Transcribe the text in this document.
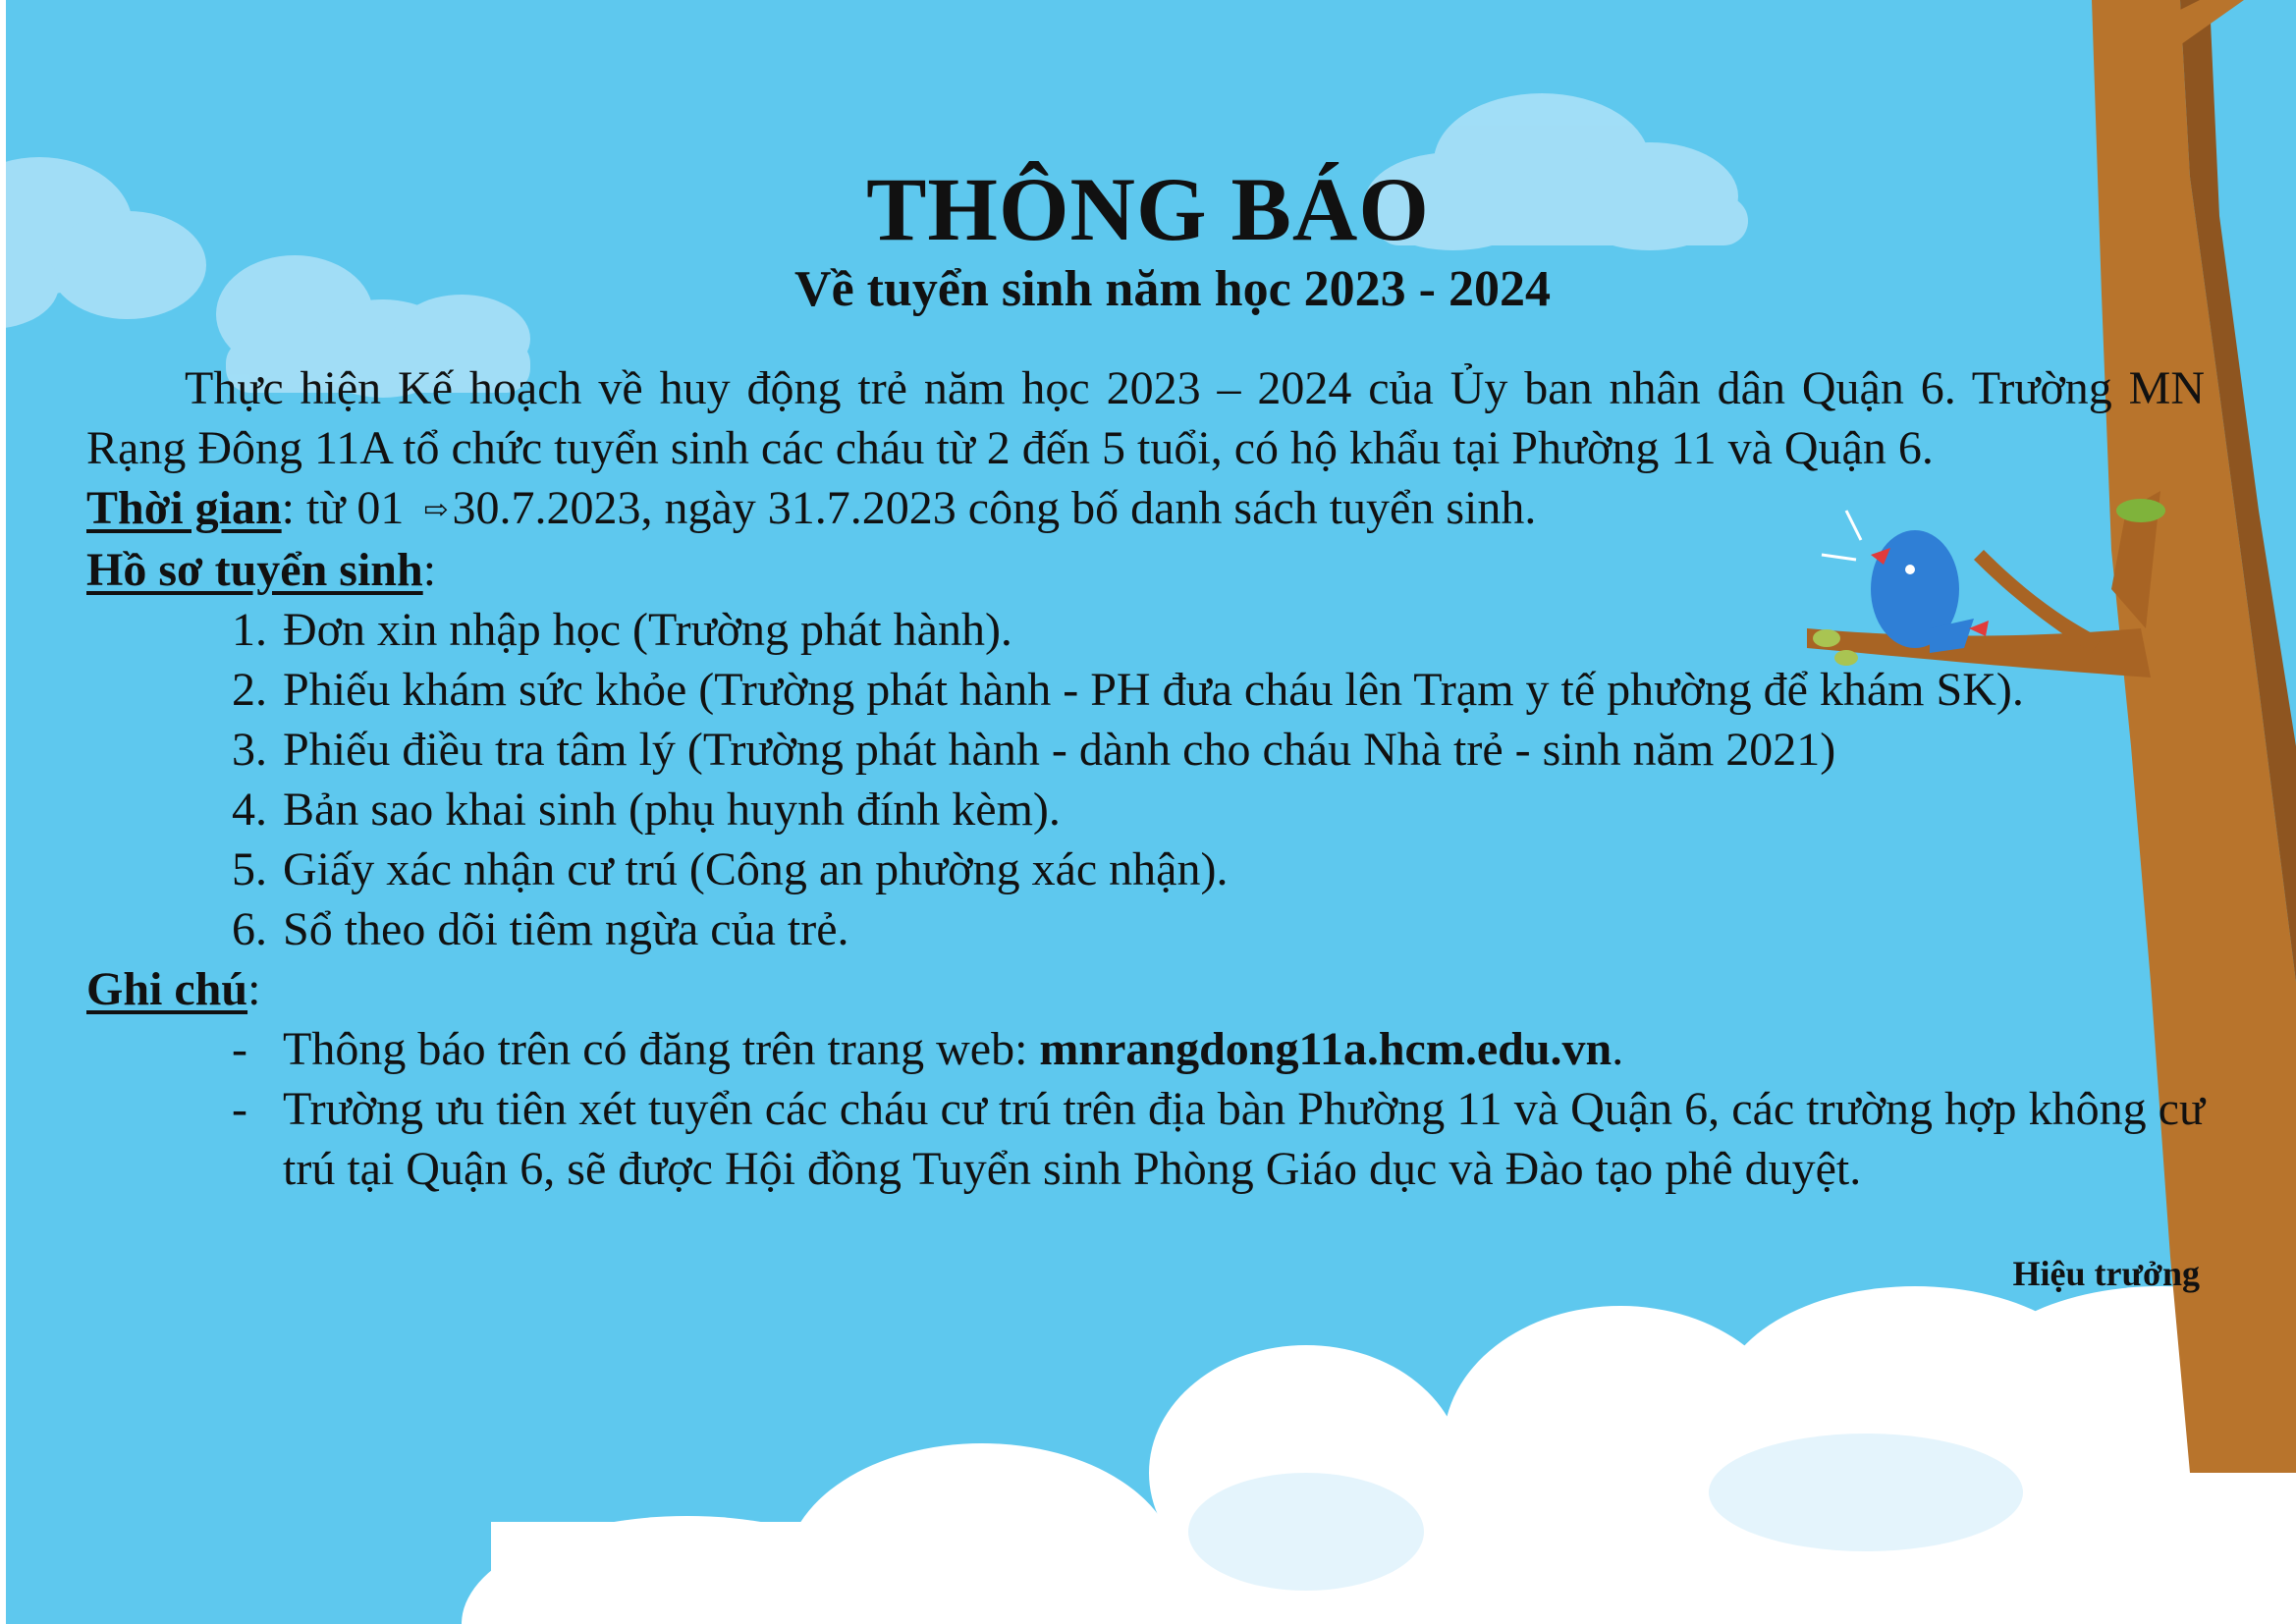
THÔNG BÁO
Về tuyển sinh năm học 2023 - 2024

Thực hiện Kế hoạch về huy động trẻ năm học 2023 – 2024 của Ủy ban nhân dân Quận 6. Trường MN Rạng Đông 11A tổ chức tuyển sinh các cháu từ 2 đến 5 tuổi, có hộ khẩu tại Phường 11 và Quận 6.

Thời gian: từ 01 ⇨30.7.2023, ngày 31.7.2023 công bố danh sách tuyển sinh.

Hồ sơ tuyển sinh:

1. Đơn xin nhập học (Trường phát hành).
2. Phiếu khám sức khỏe (Trường phát hành - PH đưa cháu lên Trạm y tế phường để khám SK).
3. Phiếu điều tra tâm lý (Trường phát hành - dành cho cháu Nhà trẻ - sinh năm 2021)
4. Bản sao khai sinh (phụ huynh đính kèm).
5. Giấy xác nhận cư trú (Công an phường xác nhận).
6. Sổ theo dõi tiêm ngừa của trẻ.

Ghi chú:

- Thông báo trên có đăng trên trang web: mnrangdong11a.hcm.edu.vn.
- Trường ưu tiên xét tuyển các cháu cư trú trên địa bàn Phường 11 và Quận 6, các trường hợp không cư trú tại Quận 6, sẽ được Hội đồng Tuyển sinh Phòng Giáo dục và Đào tạo phê duyệt.
Hiệu trưởng
